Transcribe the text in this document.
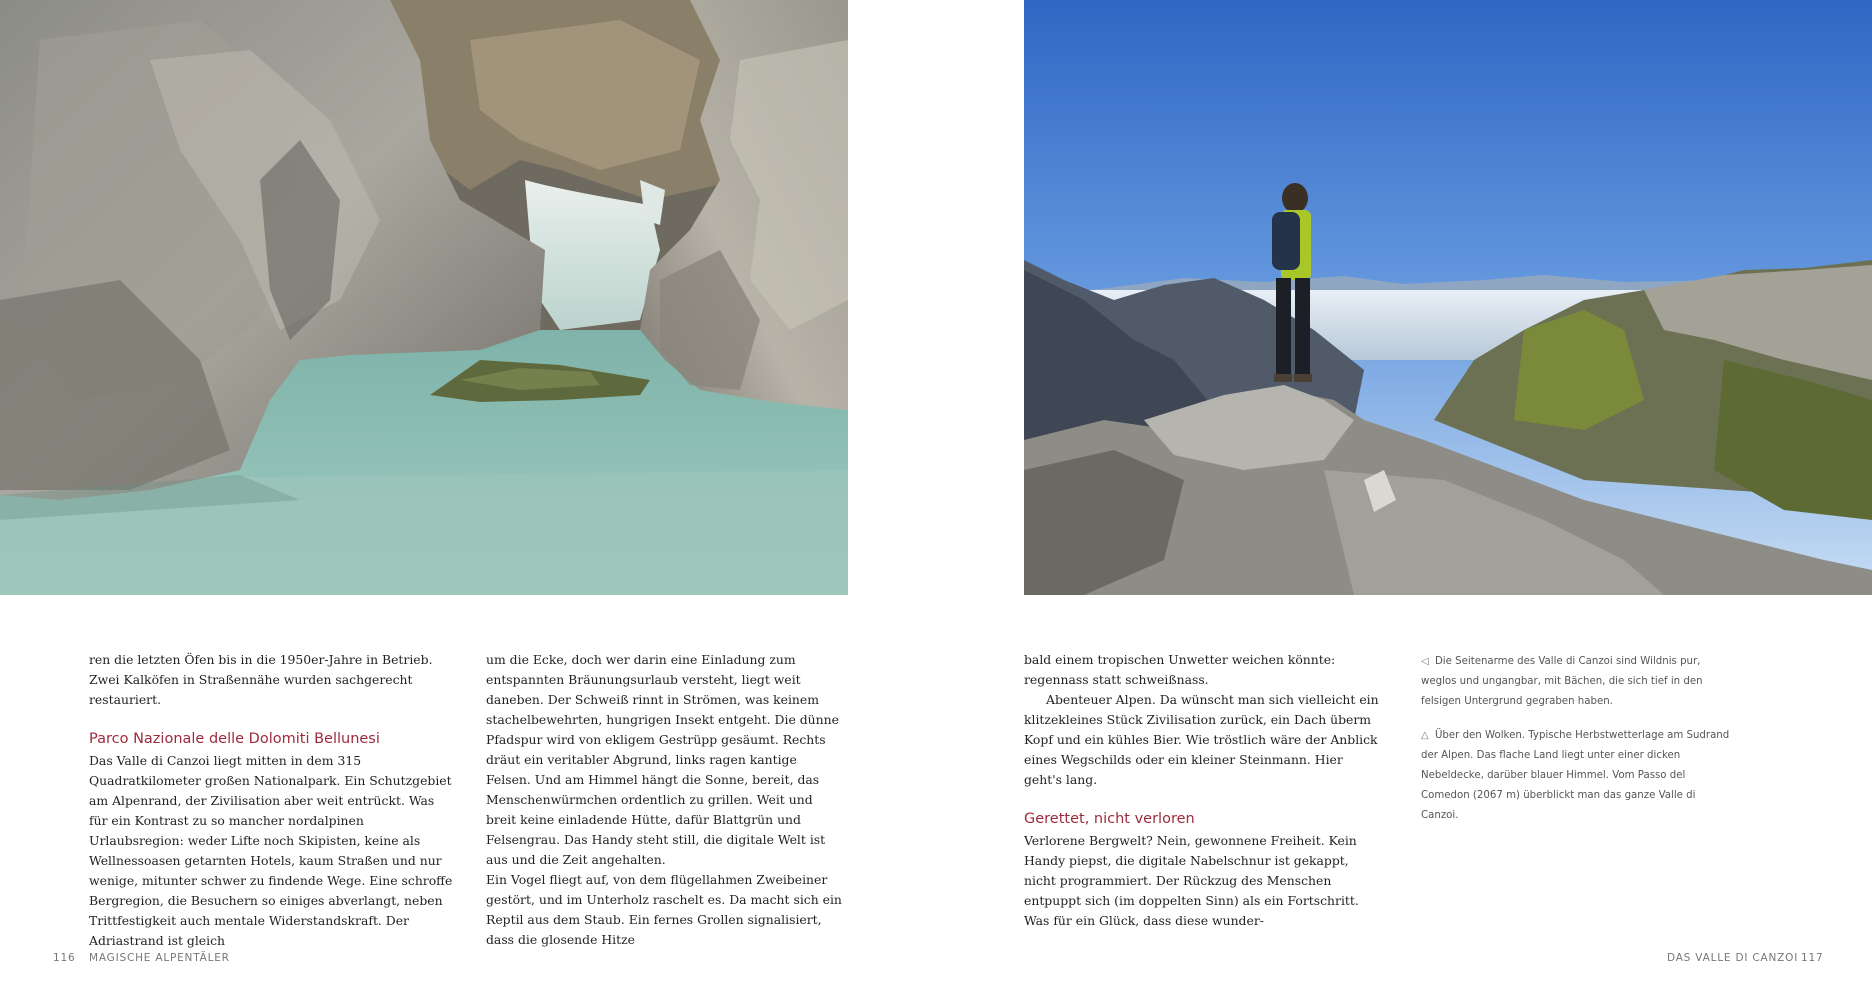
ren die letzten Öfen bis in die 1950er-Jahre in Betrieb. Zwei Kalköfen in Straßennähe wurden sachgerecht restauriert.

Parco Nazionale delle Dolomiti Bellunesi

Das Valle di Canzoi liegt mitten in dem 315 Quadratkilometer großen Nationalpark. Ein Schutzgebiet am Alpenrand, der Zivilisation aber weit entrückt. Was für ein Kontrast zu so mancher nordalpinen Urlaubsregion: weder Lifte noch Skipisten, keine als Wellnessoasen getarnten Hotels, kaum Straßen und nur wenige, mitunter schwer zu findende Wege. Eine schroffe Bergregion, die Besuchern so einiges abverlangt, neben Trittfestigkeit auch mentale Widerstandskraft. Der Adriastrand ist gleich

um die Ecke, doch wer darin eine Einladung zum entspannten Bräunungsurlaub versteht, liegt weit daneben. Der Schweiß rinnt in Strömen, was keinem stachelbewehrten, hungrigen Insekt entgeht. Die dünne Pfadspur wird von ekligem Gestrüpp gesäumt. Rechts dräut ein veritabler Abgrund, links ragen kantige Felsen. Und am Himmel hängt die Sonne, bereit, das Menschenwürmchen ordentlich zu grillen. Weit und breit keine einladende Hütte, dafür Blattgrün und Felsengrau. Das Handy steht still, die digitale Welt ist aus und die Zeit angehalten.

Ein Vogel fliegt auf, von dem flügellahmen Zweibeiner gestört, und im Unterholz raschelt es. Da macht sich ein Reptil aus dem Staub. Ein fernes Grollen signalisiert, dass die glosende Hitze

bald einem tropischen Unwetter weichen könnte: regennass statt schweißnass.

Abenteuer Alpen. Da wünscht man sich vielleicht ein klitzekleines Stück Zivilisation zurück, ein Dach überm Kopf und ein kühles Bier. Wie tröstlich wäre der Anblick eines Wegschilds oder ein kleiner Steinmann. Hier geht's lang.

Gerettet, nicht verloren

Verlorene Bergwelt? Nein, gewonnene Freiheit. Kein Handy piepst, die digitale Nabelschnur ist gekappt, nicht programmiert. Der Rückzug des Menschen entpuppt sich (im doppelten Sinn) als ein Fortschritt. Was für ein Glück, dass diese wunder-

◁ Die Seitenarme des Valle di Canzoi sind Wildnis pur, weglos und ungangbar, mit Bächen, die sich tief in den felsigen Untergrund gegraben haben.

△ Über den Wolken. Typische Herbstwetterlage am Sudrand der Alpen. Das flache Land liegt unter einer dicken Nebeldecke, darüber blauer Himmel. Vom Passo del Comedon (2067 m) überblickt man das ganze Valle di Canzoi.

116 MAGISCHE ALPENTÄLER	DAS VALLE DI CANZOI 117
